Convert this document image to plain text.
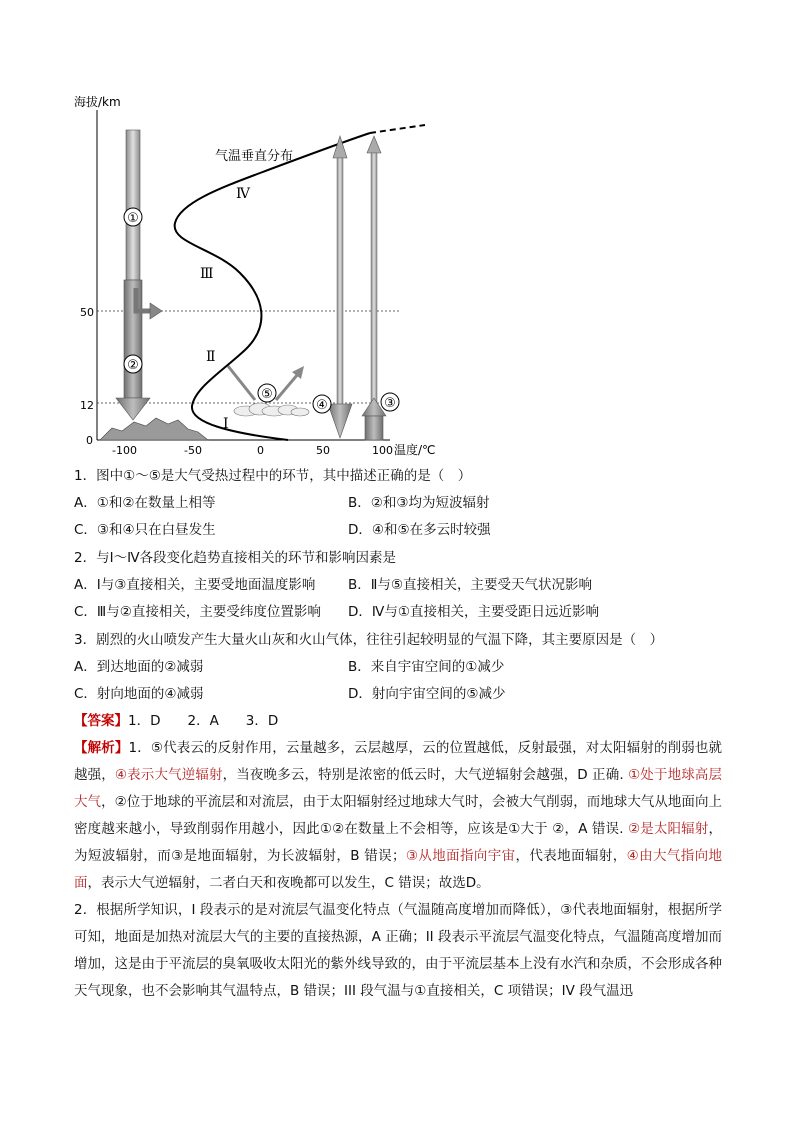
海拔/km
温度/℃
50
12
0
-100	-50	0	50	100
气温垂直分布
Ⅳ
Ⅲ
Ⅱ
Ⅰ
①
②
④	③
⑤
1．图中①～⑤是大气受热过程中的环节，其中描述正确的是（　）
A．①和②在数量上相等	B．②和③均为短波辐射
C．③和④只在白昼发生	D．④和⑤在多云时较强
2．与Ⅰ～Ⅳ各段变化趋势直接相关的环节和影响因素是
A．Ⅰ与③直接相关，主要受地面温度影响 B．Ⅱ与⑤直接相关，主要受天气状况影响
C．Ⅲ与②直接相关，主要受纬度位置影响 D．Ⅳ与①直接相关，主要受距日远近影响
3．剧烈的火山喷发产生大量火山灰和火山气体，往往引起较明显的气温下降，其主要原因是（　）
A．到达地面的②减弱	B．来自宇宙空间的①减少
C．射向地面的④减弱	D．射向宇宙空间的⑤减少
【答案】1．D　　2．A　　3．D

【解析】1．⑤代表云的反射作用，云量越多，云层越厚，云的位置越低，反射最强，对太阳辐射的削弱也就越强，④表示大气逆辐射，当夜晚多云，特别是浓密的低云时，大气逆辐射会越强，D 正确. ①处于地球高层大气，②位于地球的平流层和对流层，由于太阳辐射经过地球大气时，会被大气削弱，而地球大气从地面向上密度越来越小，导致削弱作用越小，因此①②在数量上不会相等，应该是①大于 ②，A 错误. ②是太阳辐射，为短波辐射，而③是地面辐射，为长波辐射，B 错误；③从地面指向宇宙，代表地面辐射，④由大气指向地面，表示大气逆辐射，二者白天和夜晚都可以发生，C 错误；故选D。

2．根据所学知识，I 段表示的是对流层气温变化特点（气温随高度增加而降低），③代表地面辐射，根据所学可知，地面是加热对流层大气的主要的直接热源，A 正确；II 段表示平流层气温变化特点，气温随高度增加而增加，这是由于平流层的臭氧吸收太阳光的紫外线导致的，由于平流层基本上没有水汽和杂质，不会形成各种天气现象，也不会影响其气温特点，B 错误；III 段气温与①直接相关，C 项错误；IV 段气温迅
